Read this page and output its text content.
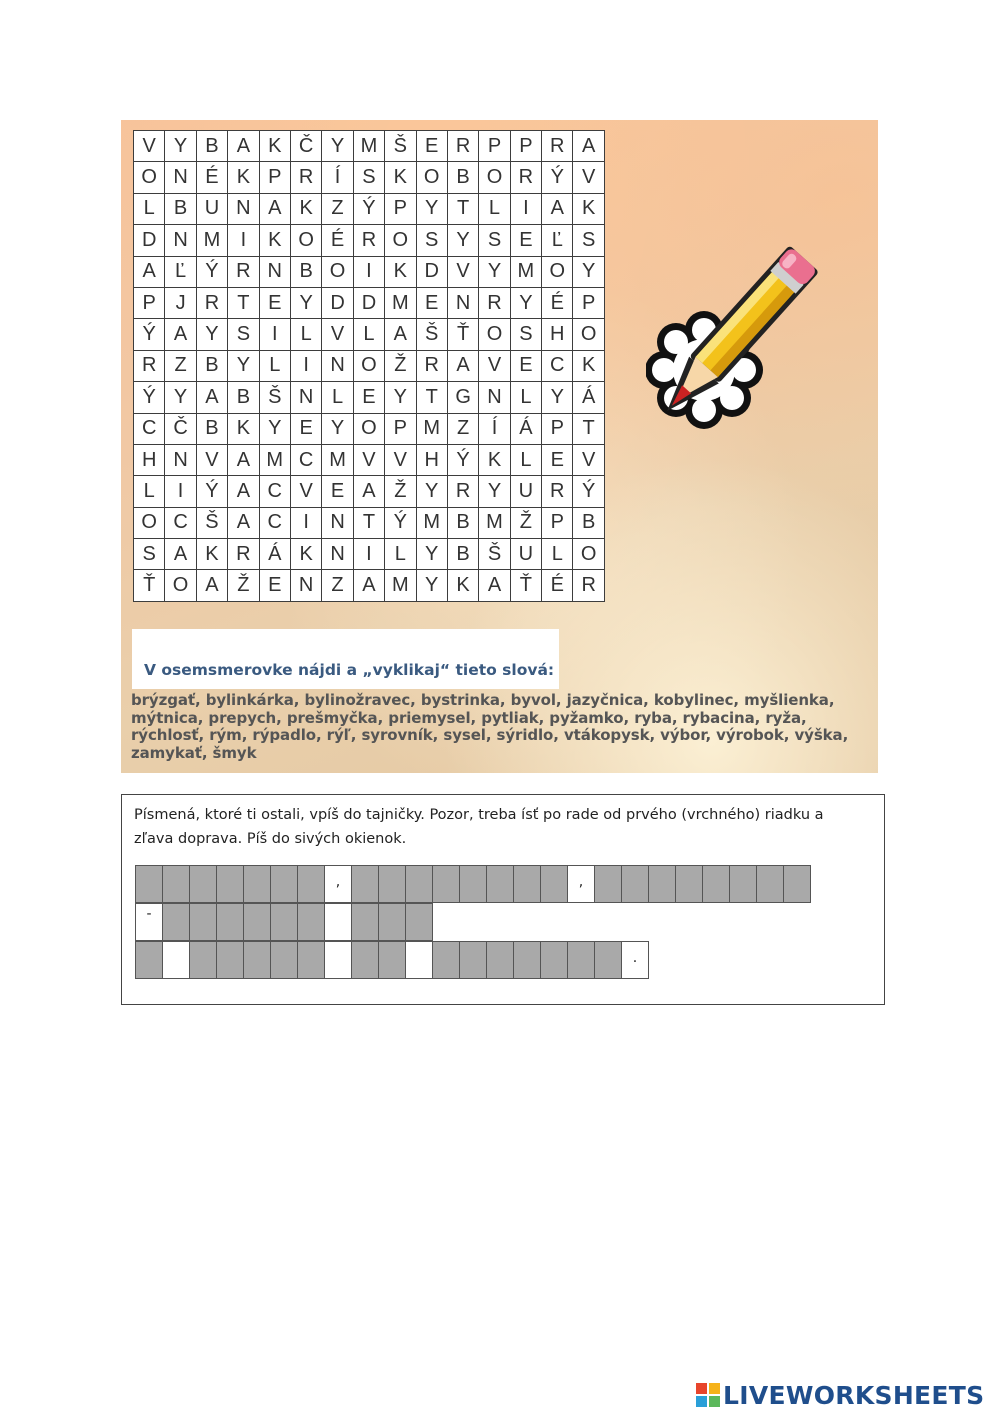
V	Y	B	A	K	Č	Y	M	Š	E	R	P	P	R	A
O	N	É	K	P	R	Í	S	K	O	B	O	R	Ý	V
L	B	U	N	A	K	Z	Ý	P	Y	T	L	I	A	K
D	N	M	I	K	O	É	R	O	S	Y	S	E	Ľ	S
A	Ľ	Ý	R	N	B	O	I	K	D	V	Y	M	O	Y
P	J	R	T	E	Y	D	D	M	E	N	R	Y	É	P
Ý	A	Y	S	I	L	V	L	A	Š	Ť	O	S	H	O
R	Z	B	Y	L	I	N	O	Ž	R	A	V	E	C	K
Ý	Y	A	B	Š	N	L	E	Y	T	G	N	L	Y	Á
C	Č	B	K	Y	E	Y	O	P	M	Z	Í	Á	P	T
H	N	V	A	M	C	M	V	V	H	Ý	K	L	E	V
L	I	Ý	A	C	V	E	A	Ž	Y	R	Y	U	R	Ý
O	C	Š	A	C	I	N	T	Ý	M	B	M	Ž	P	B
S	A	K	R	Á	K	N	I	L	Y	B	Š	U	L	O
Ť	O	A	Ž	E	N	Z	A	M	Y	K	A	Ť	É	R
V osemsmerovke nájdi a „vyklikaj“ tieto slová:
brýzgať, bylinkárka, bylinožravec, bystrinka, byvol, jazyčnica, kobylinec, myšlienka, mýtnica, prepych, prešmyčka, priemysel, pytliak, pyžamko, ryba, rybacina, ryža, rýchlosť, rým, rýpadlo, rýľ, syrovník, sysel, sýridlo, vtákopysk, výbor, výrobok, výška, zamykať, šmyk
Písmená, ktoré ti ostali, vpíš do tajničky. Pozor, treba ísť po rade od prvého (vrchného) riadku a zľava doprava. Píš do sivých okienok.
,	,
-
.
LIVEWORKSHEETS
